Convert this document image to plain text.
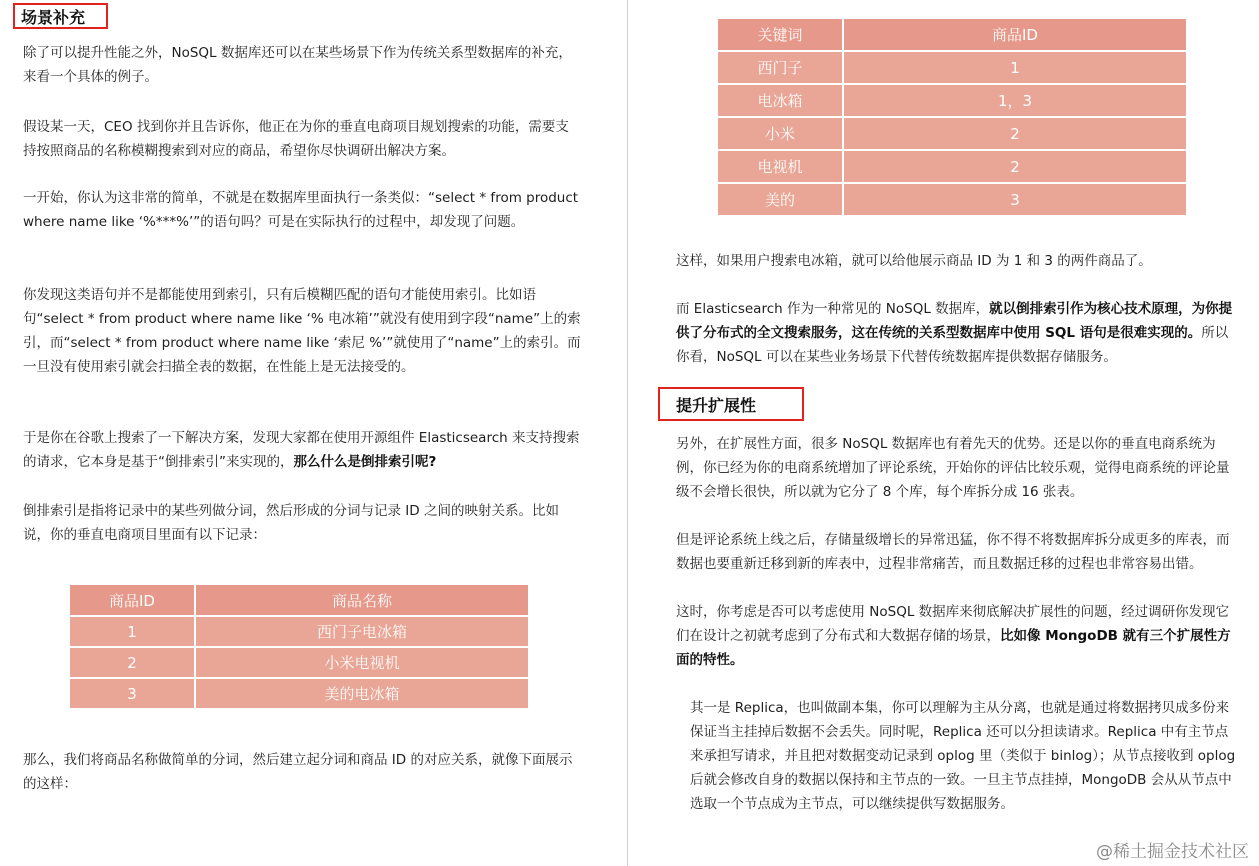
场景补充

除了可以提升性能之外，NoSQL 数据库还可以在某些场景下作为传统关系型数据库的补充，来看一个具体的例子。

假设某一天，CEO 找到你并且告诉你，他正在为你的垂直电商项目规划搜索的功能，需要支持按照商品的名称模糊搜索到对应的商品，希望你尽快调研出解决方案。

一开始，你认为这非常的简单，不就是在数据库里面执行一条类似：“select * from product where name like ‘%***%’”的语句吗？可是在实际执行的过程中，却发现了问题。

你发现这类语句并不是都能使用到索引，只有后模糊匹配的语句才能使用索引。比如语句“select * from product where name like ‘% 电冰箱’”就没有使用到字段“name”上的索引，而“select * from product where name like ‘索尼 %’”就使用了“name”上的索引。而一旦没有使用索引就会扫描全表的数据，在性能上是无法接受的。

于是你在谷歌上搜索了一下解决方案，发现大家都在使用开源组件 Elasticsearch 来支持搜索的请求，它本身是基于“倒排索引”来实现的，那么什么是倒排索引呢?

倒排索引是指将记录中的某些列做分词，然后形成的分词与记录 ID 之间的映射关系。比如说，你的垂直电商项目里面有以下记录：

商品ID	商品名称
1	西门子电冰箱
2	小米电视机
3	美的电冰箱

那么，我们将商品名称做简单的分词，然后建立起分词和商品 ID 的对应关系，就像下面展示的这样：

关键词	商品ID
西门子	1
电冰箱	1，3
小米	2
电视机	2
美的	3

这样，如果用户搜索电冰箱，就可以给他展示商品 ID 为 1 和 3 的两件商品了。

而 Elasticsearch 作为一种常见的 NoSQL 数据库，就以倒排索引作为核心技术原理，为你提供了分布式的全文搜索服务，这在传统的关系型数据库中使用 SQL 语句是很难实现的。所以你看，NoSQL 可以在某些业务场景下代替传统数据库提供数据存储服务。

提升扩展性

另外，在扩展性方面，很多 NoSQL 数据库也有着先天的优势。还是以你的垂直电商系统为例，你已经为你的电商系统增加了评论系统，开始你的评估比较乐观，觉得电商系统的评论量级不会增长很快，所以就为它分了 8 个库，每个库拆分成 16 张表。

但是评论系统上线之后，存储量级增长的异常迅猛，你不得不将数据库拆分成更多的库表，而数据也要重新迁移到新的库表中，过程非常痛苦，而且数据迁移的过程也非常容易出错。

这时，你考虑是否可以考虑使用 NoSQL 数据库来彻底解决扩展性的问题，经过调研你发现它们在设计之初就考虑到了分布式和大数据存储的场景，比如像 MongoDB 就有三个扩展性方面的特性。

其一是 Replica，也叫做副本集，你可以理解为主从分离，也就是通过将数据拷贝成多份来保证当主挂掉后数据不会丢失。同时呢，Replica 还可以分担读请求。Replica 中有主节点来承担写请求，并且把对数据变动记录到 oplog 里（类似于 binlog）；从节点接收到 oplog 后就会修改自身的数据以保持和主节点的一致。一旦主节点挂掉，MongoDB 会从从节点中选取一个节点成为主节点，可以继续提供写数据服务。

@稀土掘金技术社区
